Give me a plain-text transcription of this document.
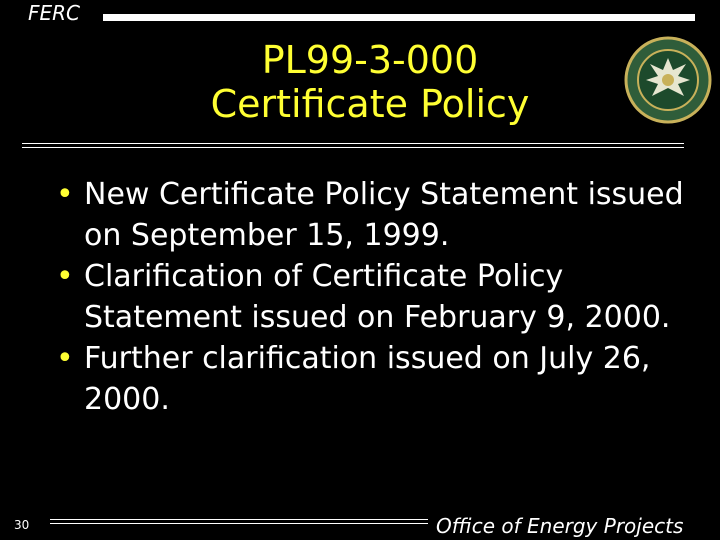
FERC
PL99-3-000
Certificate Policy
• New Certificate Policy Statement issued on September 15, 1999.
• Clarification of Certificate Policy Statement issued on February 9, 2000.
• Further clarification issued on July 26, 2000.
30	Office of Energy Projects
